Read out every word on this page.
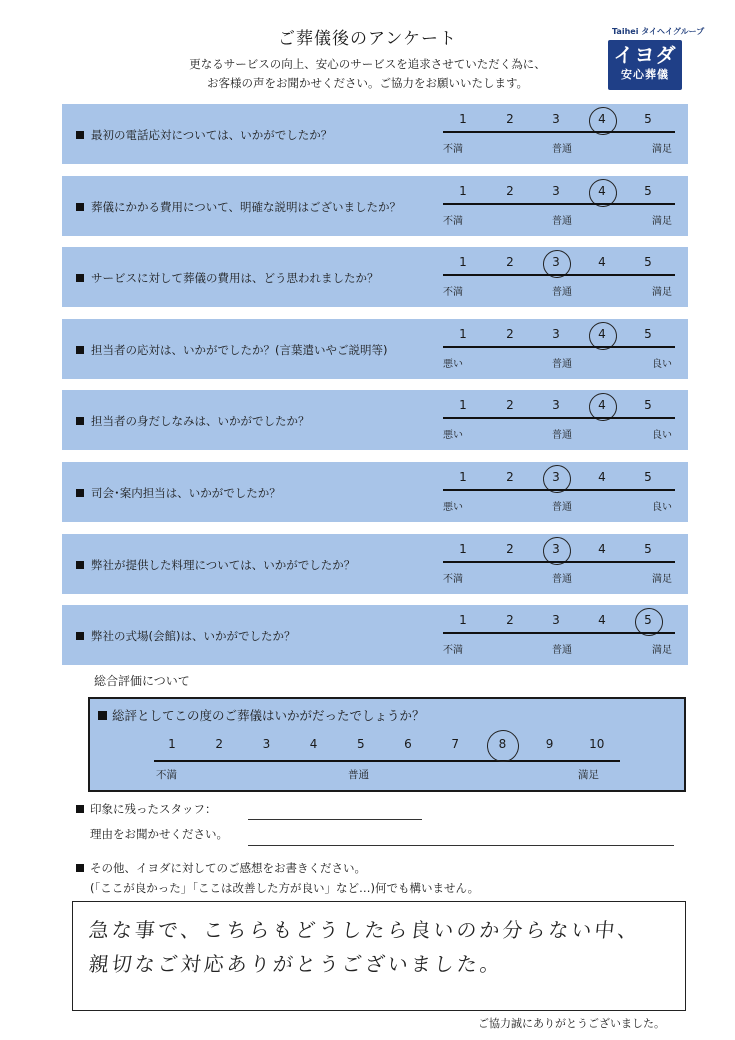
ご葬儀後のアンケート
更なるサービスの向上、安心のサービスを追求させていただく為に、
お客様の声をお聞かせください。ご協力をお願いいたします。
Taihei タイヘイグループ
イヨダ
安心葬儀
最初の電話応対については、いかがでしたか？
1	2	3	4	5
不満	普通	満足
葬儀にかかる費用について、明確な説明はございましたか？
1	2	3	4	5
不満	普通	満足
サービスに対して葬儀の費用は、どう思われましたか？
1	2	3	4	5
不満	普通	満足
担当者の応対は、いかがでしたか？(言葉遣いやご説明等)
1	2	3	4	5
悪い	普通	良い
担当者の身だしなみは、いかがでしたか？
1	2	3	4	5
悪い	普通	良い
司会･案内担当は、いかがでしたか？
1	2	3	4	5
悪い	普通	良い
弊社が提供した料理については、いかがでしたか？
1	2	3	4	5
不満	普通	満足
弊社の式場(会館)は、いかがでしたか？
1	2	3	4	5
不満	普通	満足
総合評価について
総評としてこの度のご葬儀はいかがだったでしょうか？
1	2	3	4	5	6	7	8	9	10
不満	普通	満足
印象に残ったスタッフ：
理由をお聞かせください。
その他、イヨダに対してのご感想をお書きください。
(「ここが良かった」「ここは改善した方が良い」など…)何でも構いません。
急な事で、こちらもどうしたら良いのか分らない中、
親切なご対応ありがとうございました。
ご協力誠にありがとうございました。
